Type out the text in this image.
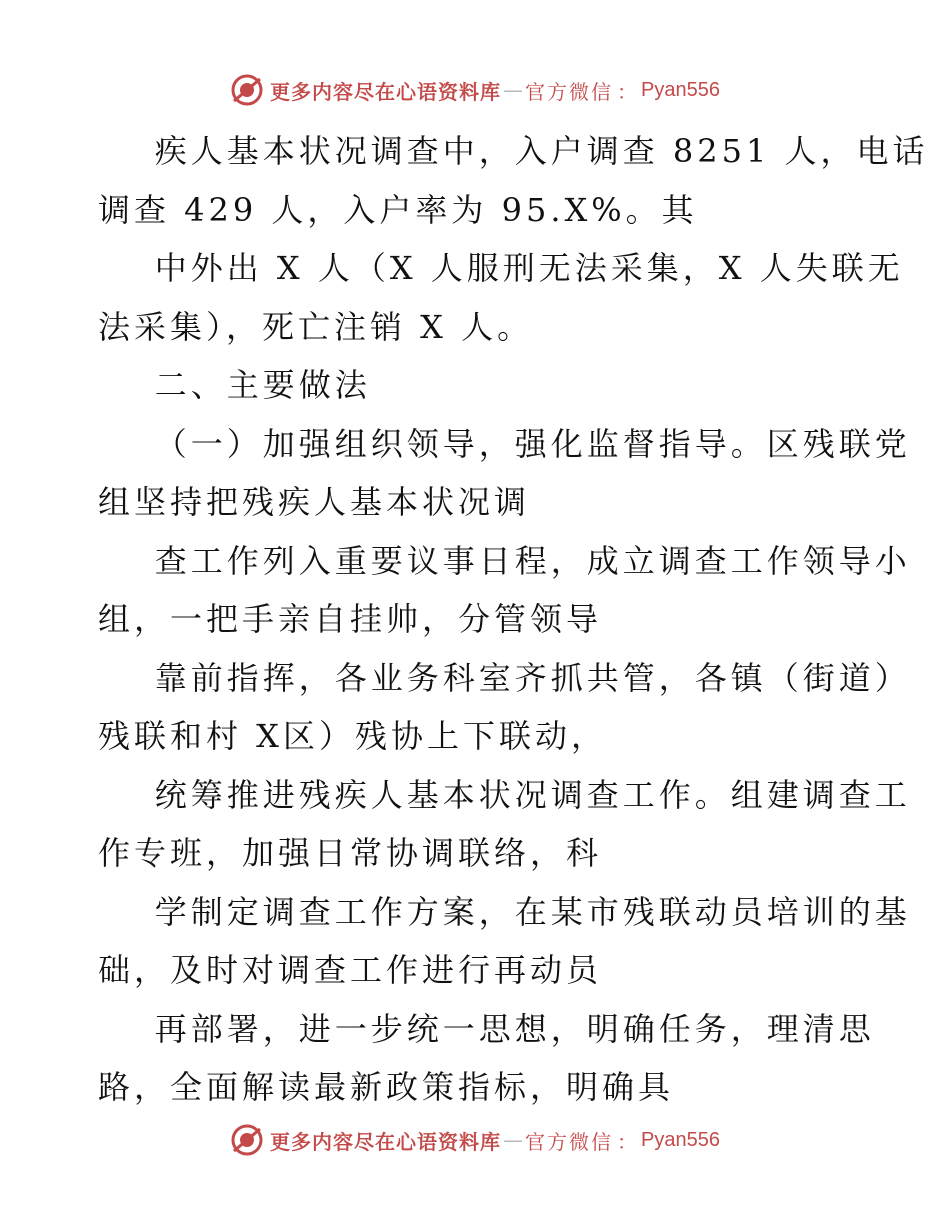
更多内容尽在心语资料库 — 官方微信 ： Pyan556

疾人基本状况调查中，入户调查 8251 人，电话

调查 429 人，入户率为 95.X%。其

中外出 X 人（X 人服刑无法采集，X 人失联无

法采集），死亡注销 X 人。

二、主要做法

（一）加强组织领导，强化监督指导。区残联党

组坚持把残疾人基本状况调

查工作列入重要议事日程，成立调查工作领导小

组，一把手亲自挂帅，分管领导

靠前指挥，各业务科室齐抓共管，各镇（街道）

残联和村 X区）残协上下联动，

统筹推进残疾人基本状况调查工作。组建调查工

作专班，加强日常协调联络，科

学制定调查工作方案，在某市残联动员培训的基

础，及时对调查工作进行再动员

再部署，进一步统一思想，明确任务，理清思

路，全面解读最新政策指标，明确具

更多内容尽在心语资料库 — 官方微信 ： Pyan556
